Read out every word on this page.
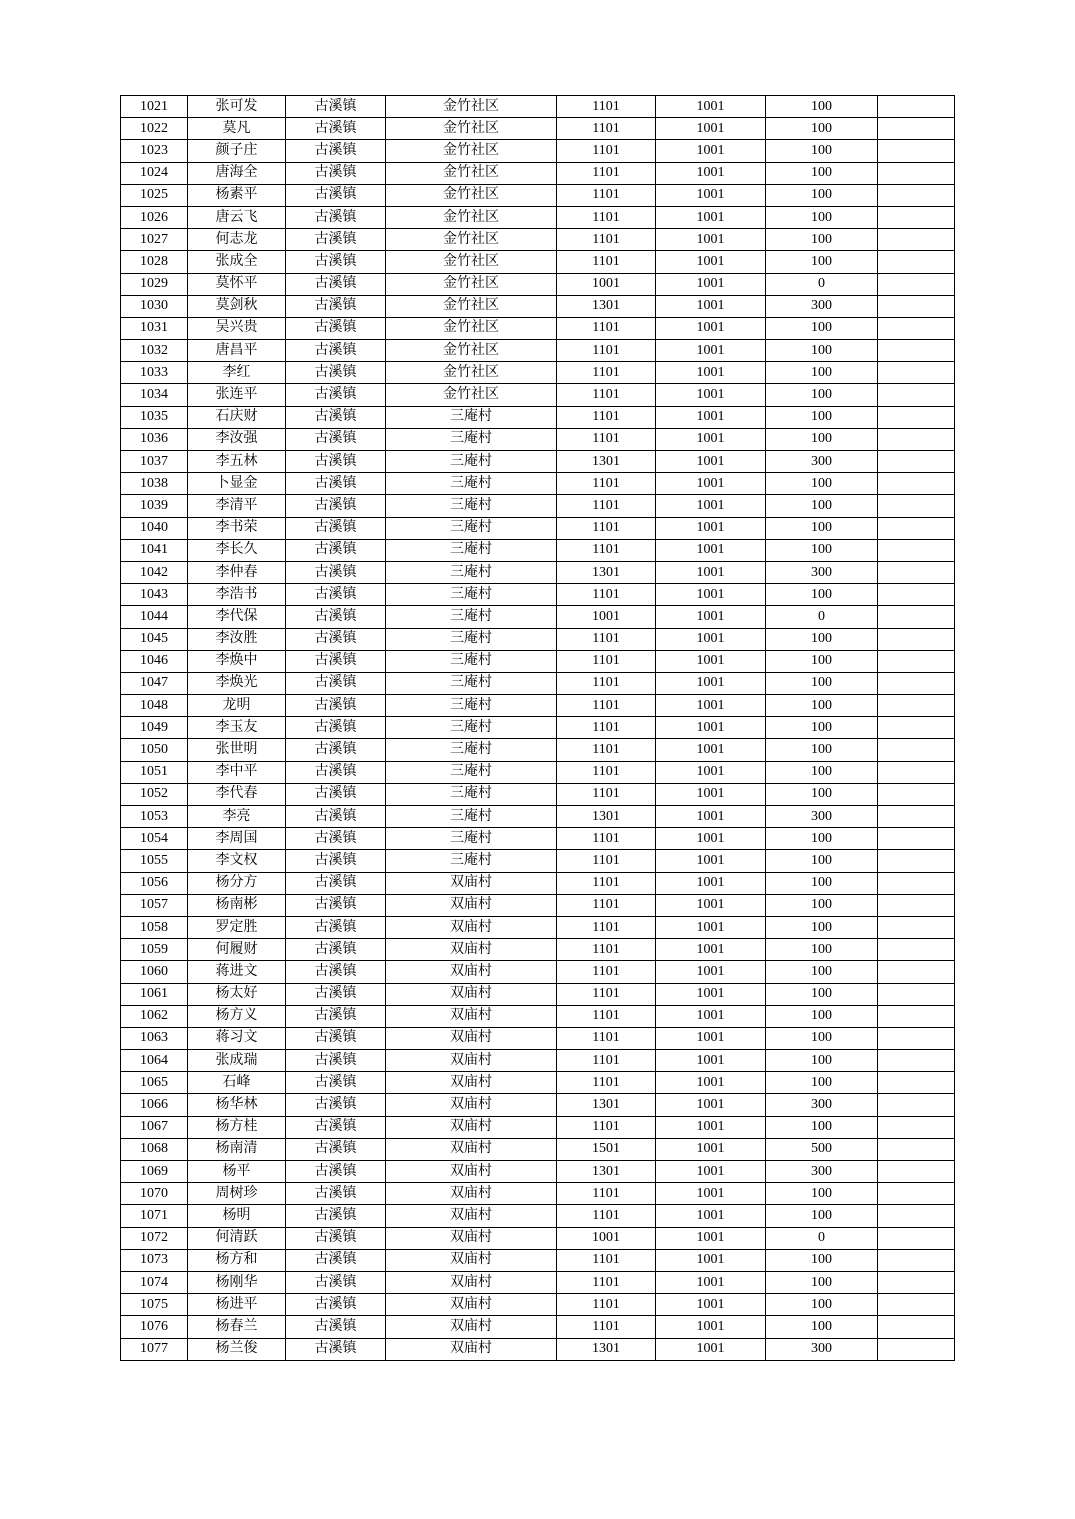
1021	张可发	古溪镇	金竹社区	1101	1001	100	
1022	莫凡	古溪镇	金竹社区	1101	1001	100	
1023	颜子庄	古溪镇	金竹社区	1101	1001	100	
1024	唐海全	古溪镇	金竹社区	1101	1001	100	
1025	杨素平	古溪镇	金竹社区	1101	1001	100	
1026	唐云飞	古溪镇	金竹社区	1101	1001	100	
1027	何志龙	古溪镇	金竹社区	1101	1001	100	
1028	张成全	古溪镇	金竹社区	1101	1001	100	
1029	莫怀平	古溪镇	金竹社区	1001	1001	0	
1030	莫剑秋	古溪镇	金竹社区	1301	1001	300	
1031	吴兴贵	古溪镇	金竹社区	1101	1001	100	
1032	唐昌平	古溪镇	金竹社区	1101	1001	100	
1033	李红	古溪镇	金竹社区	1101	1001	100	
1034	张连平	古溪镇	金竹社区	1101	1001	100	
1035	石庆财	古溪镇	三庵村	1101	1001	100	
1036	李汝强	古溪镇	三庵村	1101	1001	100	
1037	李五林	古溪镇	三庵村	1301	1001	300	
1038	卜显金	古溪镇	三庵村	1101	1001	100	
1039	李清平	古溪镇	三庵村	1101	1001	100	
1040	李书荣	古溪镇	三庵村	1101	1001	100	
1041	李长久	古溪镇	三庵村	1101	1001	100	
1042	李仲春	古溪镇	三庵村	1301	1001	300	
1043	李浩书	古溪镇	三庵村	1101	1001	100	
1044	李代保	古溪镇	三庵村	1001	1001	0	
1045	李汝胜	古溪镇	三庵村	1101	1001	100	
1046	李焕中	古溪镇	三庵村	1101	1001	100	
1047	李焕光	古溪镇	三庵村	1101	1001	100	
1048	龙明	古溪镇	三庵村	1101	1001	100	
1049	李玉友	古溪镇	三庵村	1101	1001	100	
1050	张世明	古溪镇	三庵村	1101	1001	100	
1051	李中平	古溪镇	三庵村	1101	1001	100	
1052	李代春	古溪镇	三庵村	1101	1001	100	
1053	李亮	古溪镇	三庵村	1301	1001	300	
1054	李周国	古溪镇	三庵村	1101	1001	100	
1055	李文权	古溪镇	三庵村	1101	1001	100	
1056	杨分方	古溪镇	双庙村	1101	1001	100	
1057	杨南彬	古溪镇	双庙村	1101	1001	100	
1058	罗定胜	古溪镇	双庙村	1101	1001	100	
1059	何履财	古溪镇	双庙村	1101	1001	100	
1060	蒋进文	古溪镇	双庙村	1101	1001	100	
1061	杨太好	古溪镇	双庙村	1101	1001	100	
1062	杨方义	古溪镇	双庙村	1101	1001	100	
1063	蒋习文	古溪镇	双庙村	1101	1001	100	
1064	张成瑞	古溪镇	双庙村	1101	1001	100	
1065	石峰	古溪镇	双庙村	1101	1001	100	
1066	杨华林	古溪镇	双庙村	1301	1001	300	
1067	杨方桂	古溪镇	双庙村	1101	1001	100	
1068	杨南清	古溪镇	双庙村	1501	1001	500	
1069	杨平	古溪镇	双庙村	1301	1001	300	
1070	周树珍	古溪镇	双庙村	1101	1001	100	
1071	杨明	古溪镇	双庙村	1101	1001	100	
1072	何清跃	古溪镇	双庙村	1001	1001	0	
1073	杨方和	古溪镇	双庙村	1101	1001	100	
1074	杨刚华	古溪镇	双庙村	1101	1001	100	
1075	杨进平	古溪镇	双庙村	1101	1001	100	
1076	杨春兰	古溪镇	双庙村	1101	1001	100	
1077	杨兰俊	古溪镇	双庙村	1301	1001	300	
